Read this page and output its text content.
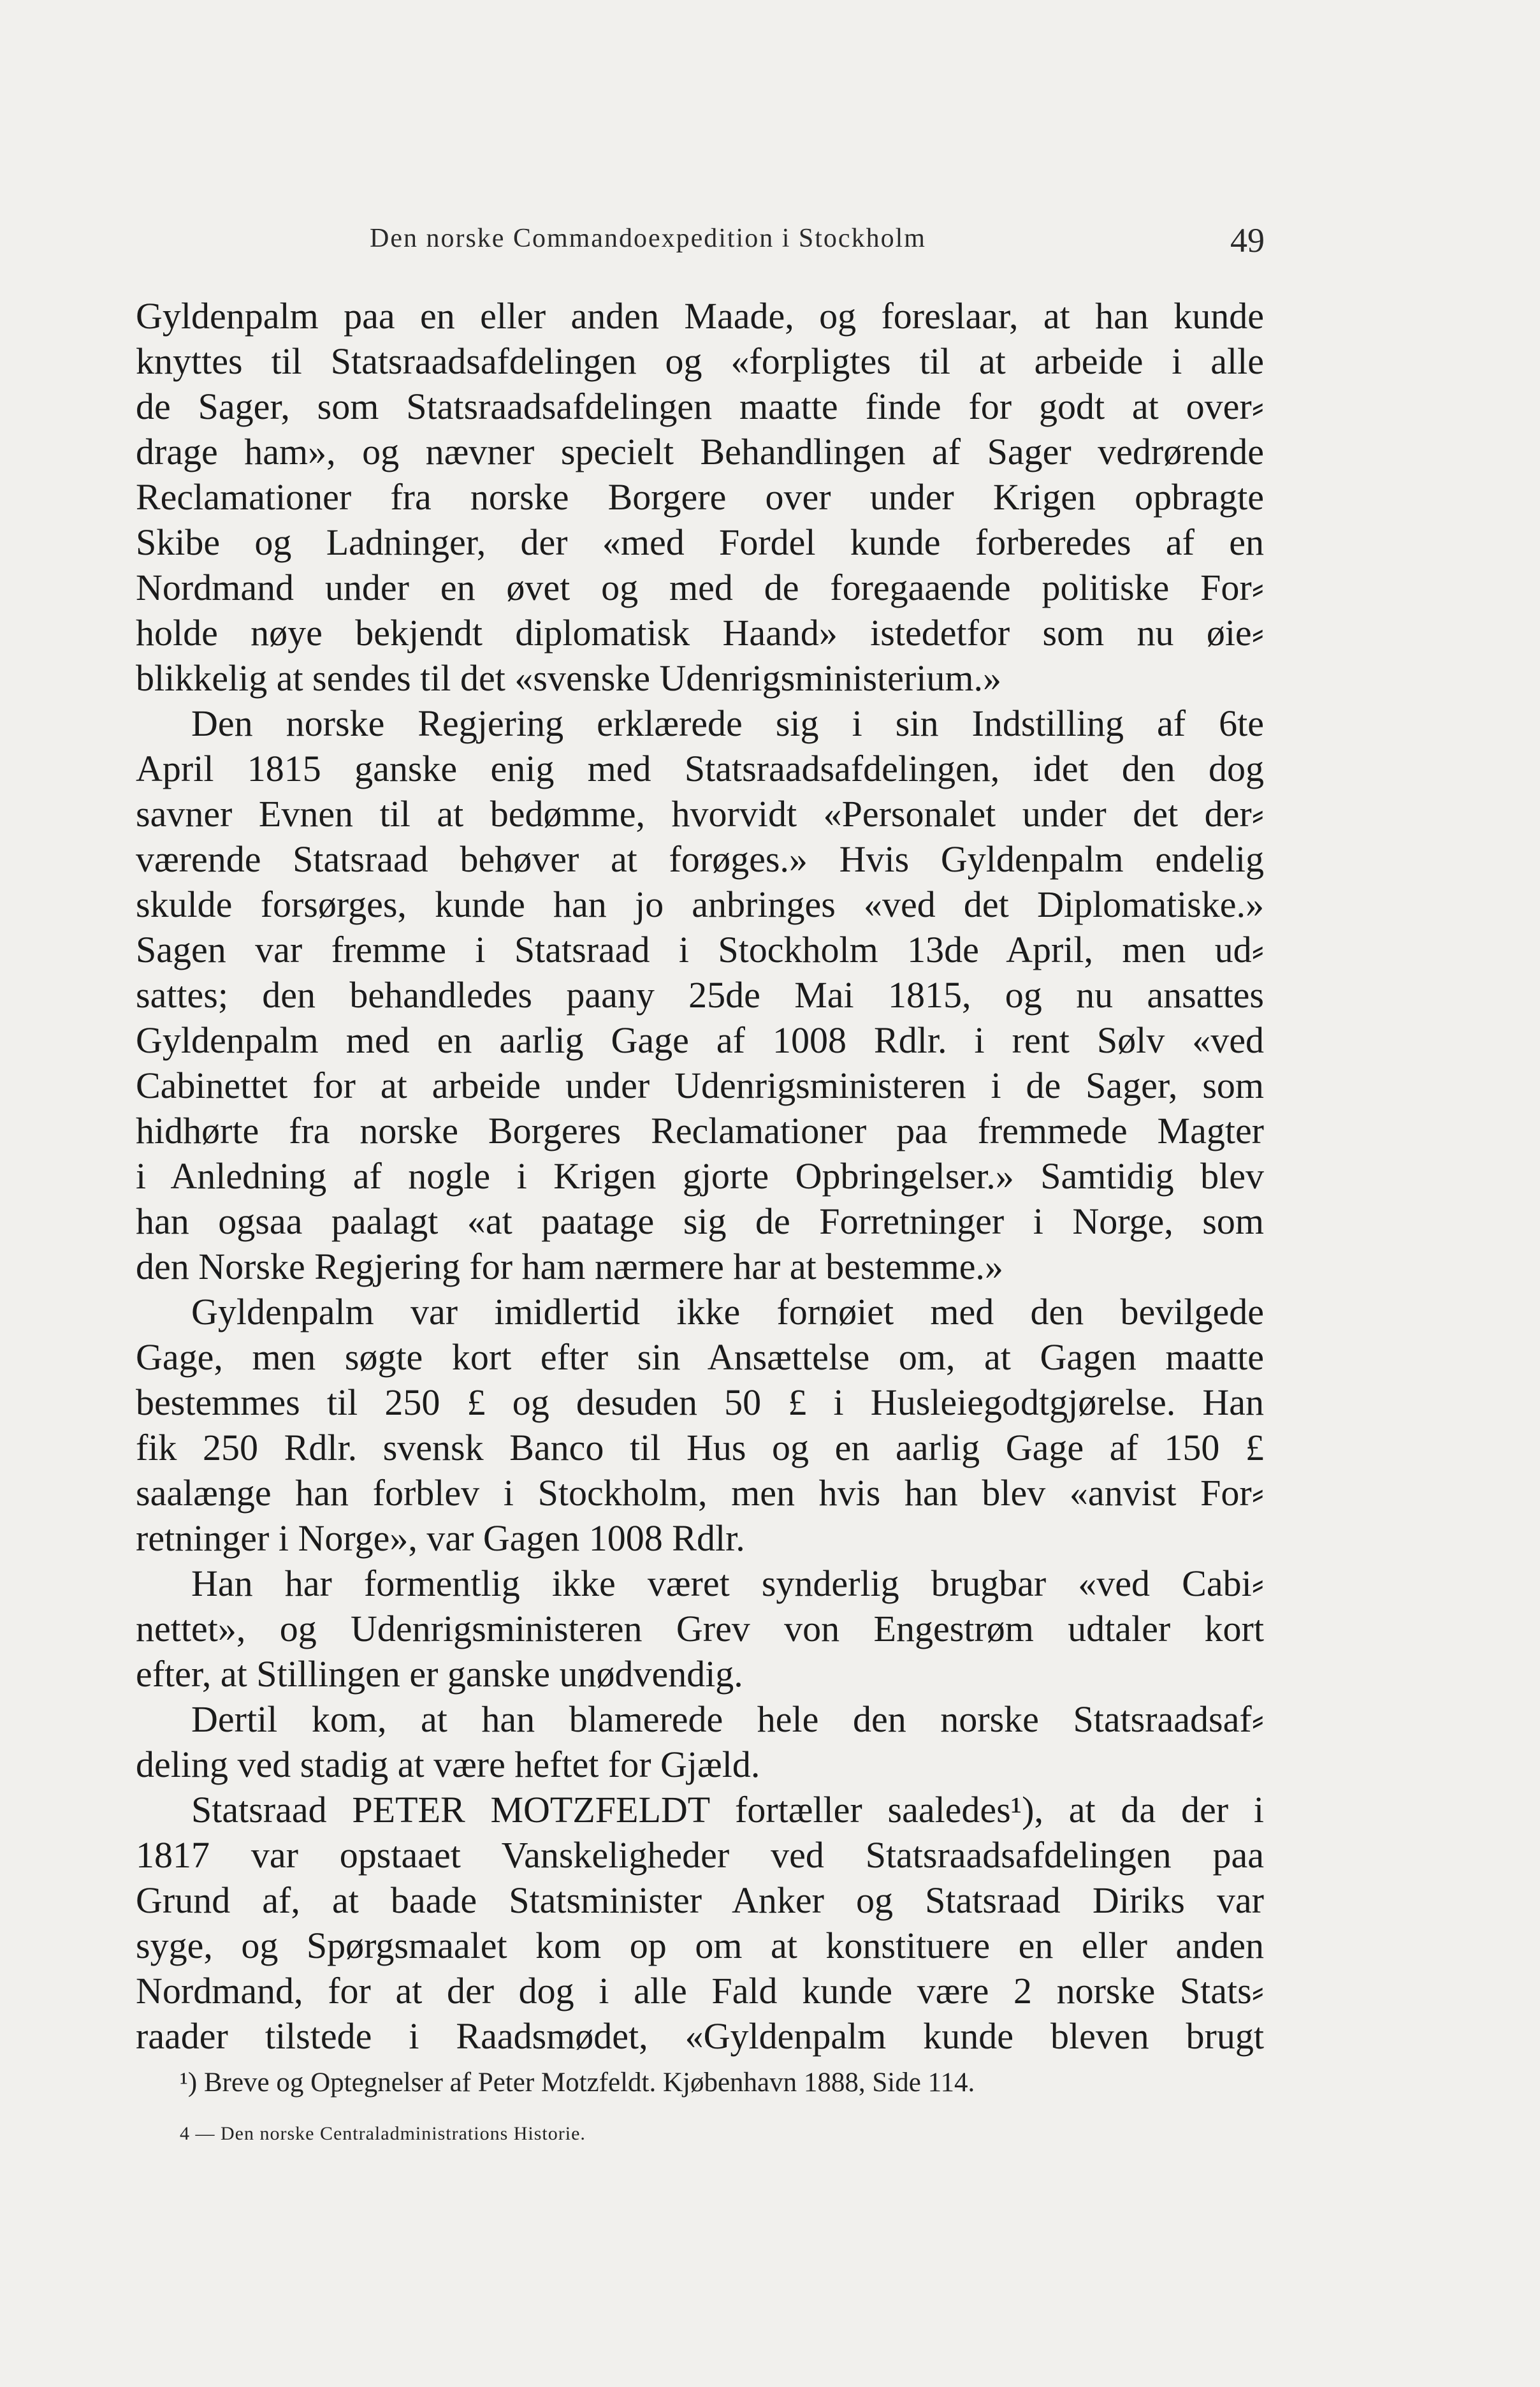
Den norske Commandoexpedition i Stockholm	49
Gyldenpalm paa en eller anden Maade, og foreslaar, at han kunde
knyttes til Statsraadsafdelingen og «forpligtes til at arbeide i alle
de Sager, som Statsraadsafdelingen maatte finde for godt at over⸗
drage ham», og nævner specielt Behandlingen af Sager vedrørende
Reclamationer fra norske Borgere over under Krigen opbragte
Skibe og Ladninger, der «med Fordel kunde forberedes af en
Nordmand under en øvet og med de foregaaende politiske For⸗
holde nøye bekjendt diplomatisk Haand» istedetfor som nu øie⸗
blikkelig at sendes til det «svenske Udenrigsministerium.»
Den norske Regjering erklærede sig i sin Indstilling af 6te
April 1815 ganske enig med Statsraadsafdelingen, idet den dog
savner Evnen til at bedømme, hvorvidt «Personalet under det der⸗
værende Statsraad behøver at forøges.» Hvis Gyldenpalm endelig
skulde forsørges, kunde han jo anbringes «ved det Diplomatiske.»
Sagen var fremme i Statsraad i Stockholm 13de April, men ud⸗
sattes; den behandledes paany 25de Mai 1815, og nu ansattes
Gyldenpalm med en aarlig Gage af 1008 Rdlr. i rent Sølv «ved
Cabinettet for at arbeide under Udenrigsministeren i de Sager, som
hidhørte fra norske Borgeres Reclamationer paa fremmede Magter
i Anledning af nogle i Krigen gjorte Opbringelser.» Samtidig blev
han ogsaa paalagt «at paatage sig de Forretninger i Norge, som
den Norske Regjering for ham nærmere har at bestemme.»
Gyldenpalm var imidlertid ikke fornøiet med den bevilgede
Gage, men søgte kort efter sin Ansættelse om, at Gagen maatte
bestemmes til 250 £ og desuden 50 £ i Husleiegodtgjørelse. Han
fik 250 Rdlr. svensk Banco til Hus og en aarlig Gage af 150 £
saalænge han forblev i Stockholm, men hvis han blev «anvist For⸗
retninger i Norge», var Gagen 1008 Rdlr.
Han har formentlig ikke været synderlig brugbar «ved Cabi⸗
nettet», og Udenrigsministeren Grev von Engestrøm udtaler kort
efter, at Stillingen er ganske unødvendig.
Dertil kom, at han blamerede hele den norske Statsraadsaf⸗
deling ved stadig at være heftet for Gjæld.
Statsraad PETER MOTZFELDT fortæller saaledes¹), at da der i
1817 var opstaaet Vanskeligheder ved Statsraadsafdelingen paa
Grund af, at baade Statsminister Anker og Statsraad Diriks var
syge, og Spørgsmaalet kom op om at konstituere en eller anden
Nordmand, for at der dog i alle Fald kunde være 2 norske Stats⸗
raader tilstede i Raadsmødet, «Gyldenpalm kunde bleven brugt
¹) Breve og Optegnelser af Peter Motzfeldt. Kjøbenhavn 1888, Side 114.
4 — Den norske Centraladministrations Historie.
